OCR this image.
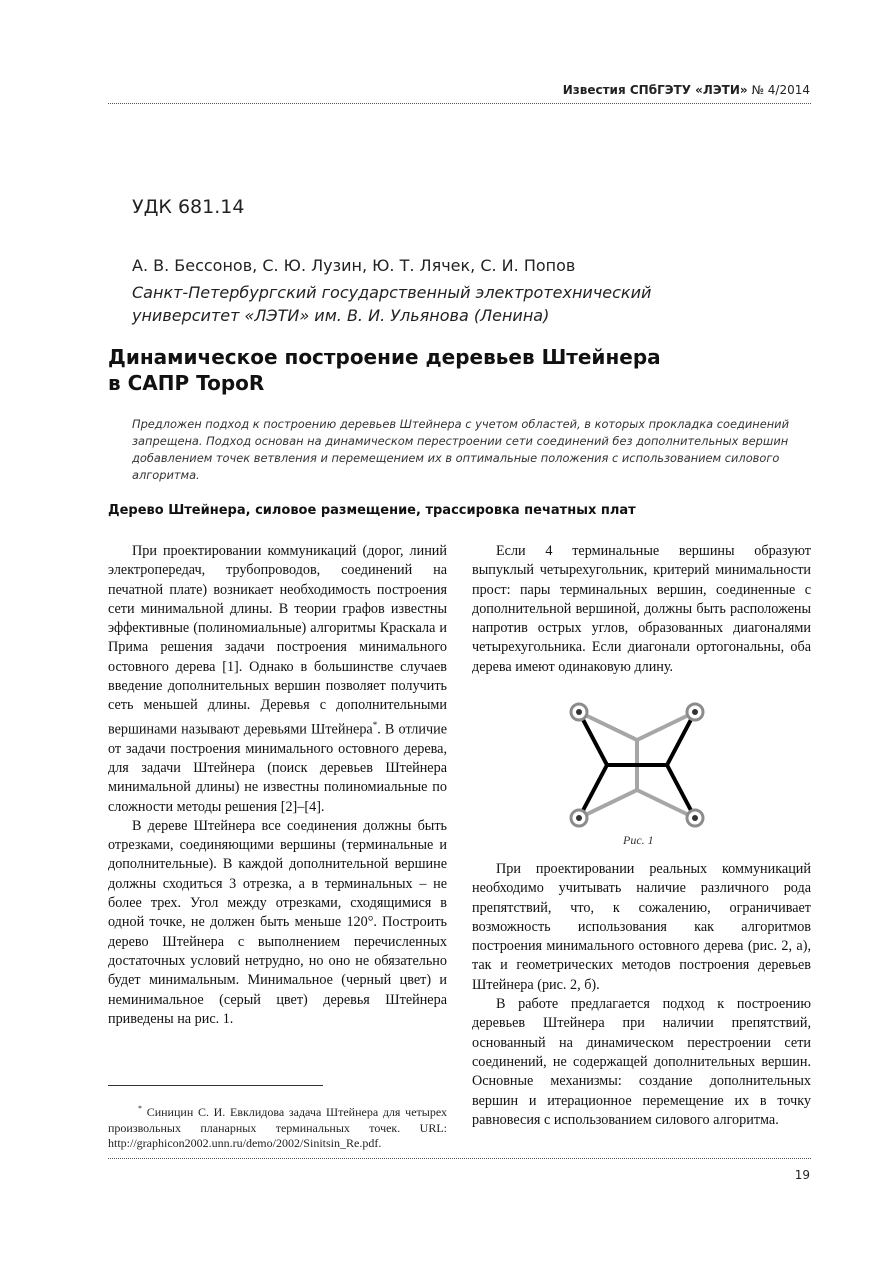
Известия СПбГЭТУ «ЛЭТИ» № 4/2014
УДК 681.14
А. В. Бессонов, С. Ю. Лузин, Ю. Т. Лячек, С. И. Попов
Санкт-Петербургский государственный электротехнический
университет «ЛЭТИ» им. В. И. Ульянова (Ленина)
Динамическое построение деревьев Штейнера
в САПР TopoR
Предложен подход к построению деревьев Штейнера с учетом областей, в которых прокладка соединений запрещена. Подход основан на динамическом перестроении сети соединений без дополнительных вершин добавлением точек ветвления и перемещением их в оптимальные положения с использованием силового алгоритма.
Дерево Штейнера, силовое размещение, трассировка печатных плат

При проектировании коммуникаций (дорог, линий электропередач, трубопроводов, соединений на печатной плате) возникает необходимость построения сети минимальной длины. В теории графов известны эффективные (полиномиальные) алгоритмы Краскала и Прима решения задачи построения минимального остовного дерева [1]. Однако в большинстве случаев введение дополнительных вершин позволяет получить сеть меньшей длины. Деревья с дополнительными вершинами называют деревьями Штейнера*. В отличие от задачи построения минимального остовного дерева, для задачи Штейнера (поиск деревьев Штейнера минимальной длины) не известны полиномиальные по сложности методы решения [2]–[4].

В дереве Штейнера все соединения должны быть отрезками, соединяющими вершины (терминальные и дополнительные). В каждой дополнительной вершине должны сходиться 3 отрезка, а в терминальных – не более трех. Угол между отрезками, сходящимися в одной точке, не должен быть меньше 120°. Построить дерево Штейнера с выполнением перечисленных достаточных условий нетрудно, но оно не обязательно будет минимальным. Минимальное (черный цвет) и неминимальное (серый цвет) деревья Штейнера приведены на рис. 1.

* Синицин С. И. Евклидова задача Штейнера для четырех произвольных планарных терминальных точек. URL: http://graphicon2002.unn.ru/demo/2002/Sinitsin_Re.pdf.

Если 4 терминальные вершины образуют выпуклый четырехугольник, критерий минимальности прост: пары терминальных вершин, соединенные с дополнительной вершиной, должны быть расположены напротив острых углов, образованных диагоналями четырехугольника. Если диагонали ортогональны, оба дерева имеют одинаковую длину.

Рис. 1

При проектировании реальных коммуникаций необходимо учитывать наличие различного рода препятствий, что, к сожалению, ограничивает возможность использования как алгоритмов построения минимального остовного дерева (рис. 2, а), так и геометрических методов построения деревьев Штейнера (рис. 2, б).

В работе предлагается подход к построению деревьев Штейнера при наличии препятствий, основанный на динамическом перестроении сети соединений, не содержащей дополнительных вершин. Основные механизмы: создание дополнительных вершин и итерационное перемещение их в точку равновесия с использованием силового алгоритма.

19
